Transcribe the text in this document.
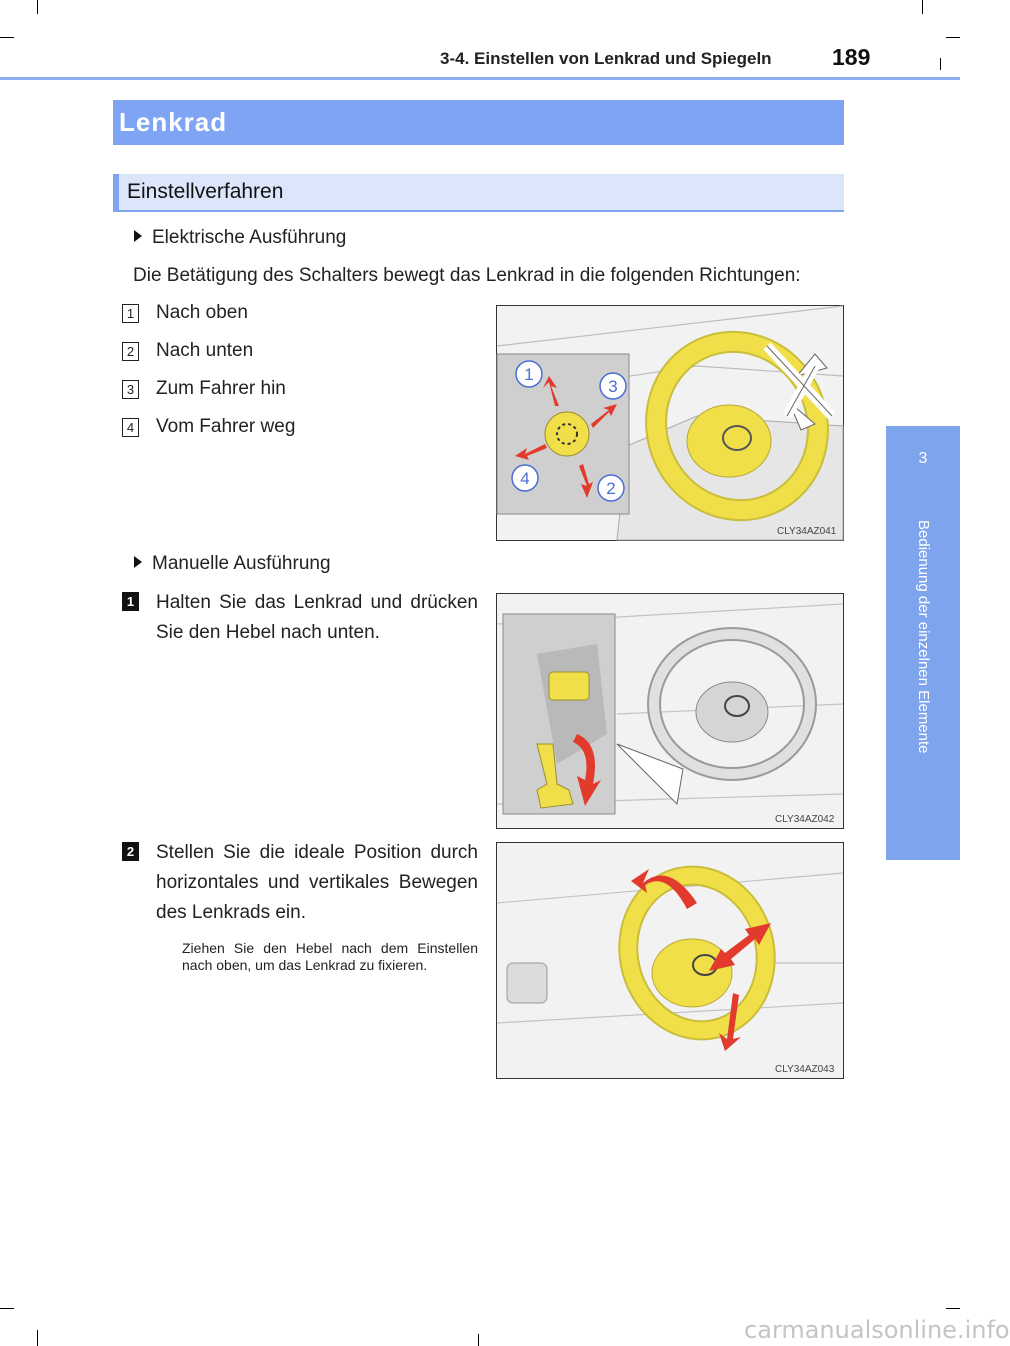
3-4. Einstellen von Lenkrad und Spiegeln	189
3
Bedienung der einzelnen Elemente
Lenkrad
Einstellverfahren
Elektrische Ausführung
Die Betätigung des Schalters bewegt das Lenkrad in die folgenden Richtungen:
1 Nach oben
2 Nach unten
3 Zum Fahrer hin
4 Vom Fahrer weg
1
3
4
2
CLY34AZ041
Manuelle Ausführung
1 Halten Sie das Lenkrad und drücken Sie den Hebel nach unten.
CLY34AZ042
2 Stellen Sie die ideale Position durch horizontales und vertikales Bewegen des Lenkrads ein.
Ziehen Sie den Hebel nach dem Einstellen nach oben, um das Lenkrad zu fixieren.
CLY34AZ043
carmanualsonline.info
